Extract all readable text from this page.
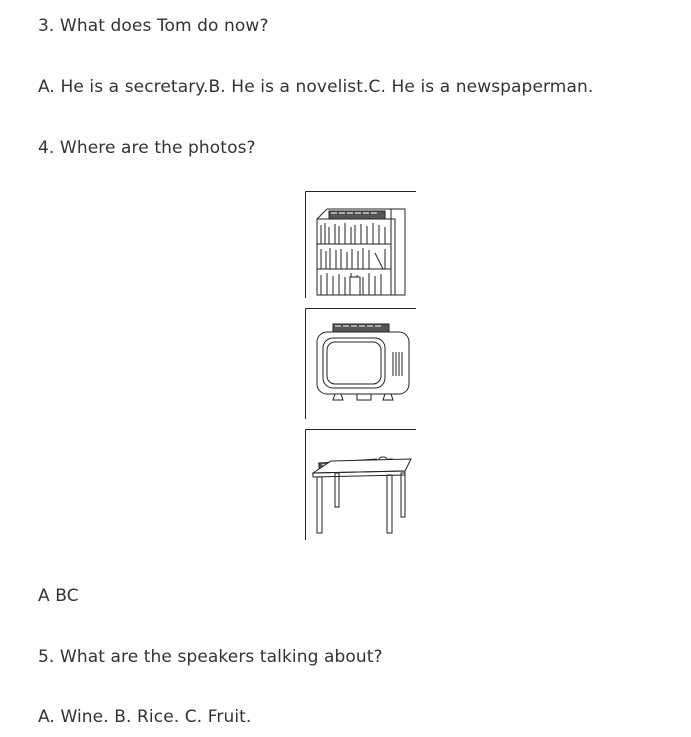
3. What does Tom do now?
A. He is a secretary.B. He is a novelist.C. He is a newspaperman.
4. Where are the photos?
A BC
5. What are the speakers talking about?
A. Wine. B. Rice. C. Fruit.
